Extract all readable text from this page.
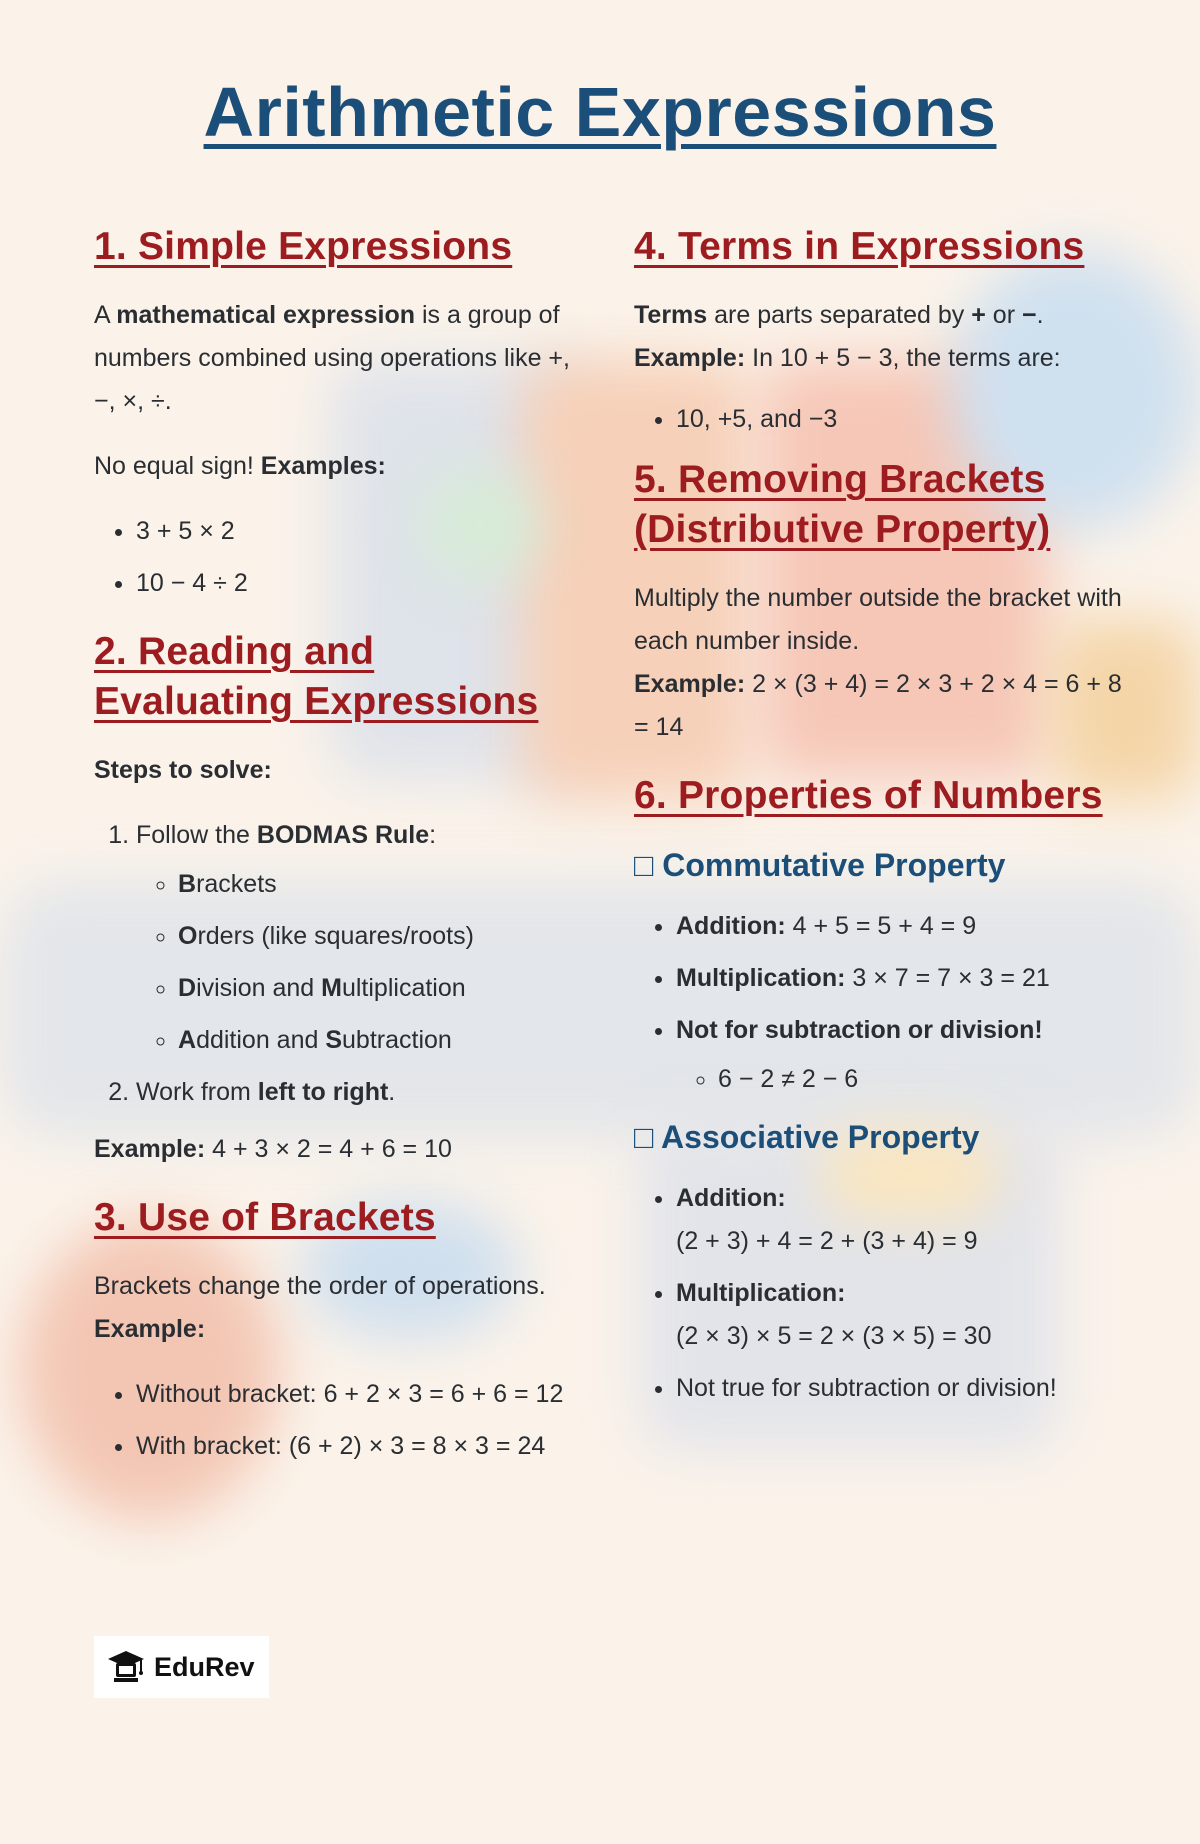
Arithmetic Expressions
1. Simple Expressions

A mathematical expression is a group of numbers combined using operations like +, −, ×, ÷.

No equal sign! Examples:

• 3 + 5 × 2
• 10 − 4 ÷ 2
2. Reading and Evaluating Expressions

Steps to solve:

1. Follow the BODMAS Rule:
◦ Brackets
◦ Orders (like squares/roots)
◦ Division and Multiplication
◦ Addition and Subtraction
2. Work from left to right.

Example: 4 + 3 × 2 = 4 + 6 = 10

3. Use of Brackets

Brackets change the order of operations. Example:

• Without bracket: 6 + 2 × 3 = 6 + 6 = 12
• With bracket: (6 + 2) × 3 = 8 × 3 = 24
4. Terms in Expressions

Terms are parts separated by + or −.
Example: In 10 + 5 − 3, the terms are:

• 10, +5, and −3
5. Removing Brackets (Distributive Property)

Multiply the number outside the bracket with each number inside.
Example: 2 × (3 + 4) = 2 × 3 + 2 × 4 = 6 + 8 = 14

6. Properties of Numbers
□ Commutative Property
• Addition: 4 + 5 = 5 + 4 = 9
• Multiplication: 3 × 7 = 7 × 3 = 21
• Not for subtraction or division!
◦ 6 − 2 ≠ 2 − 6
□ Associative Property
• Addition:
(2 + 3) + 4 = 2 + (3 + 4) = 9
• Multiplication:
(2 × 3) × 5 = 2 × (3 × 5) = 30
• Not true for subtraction or division!
EduRev
